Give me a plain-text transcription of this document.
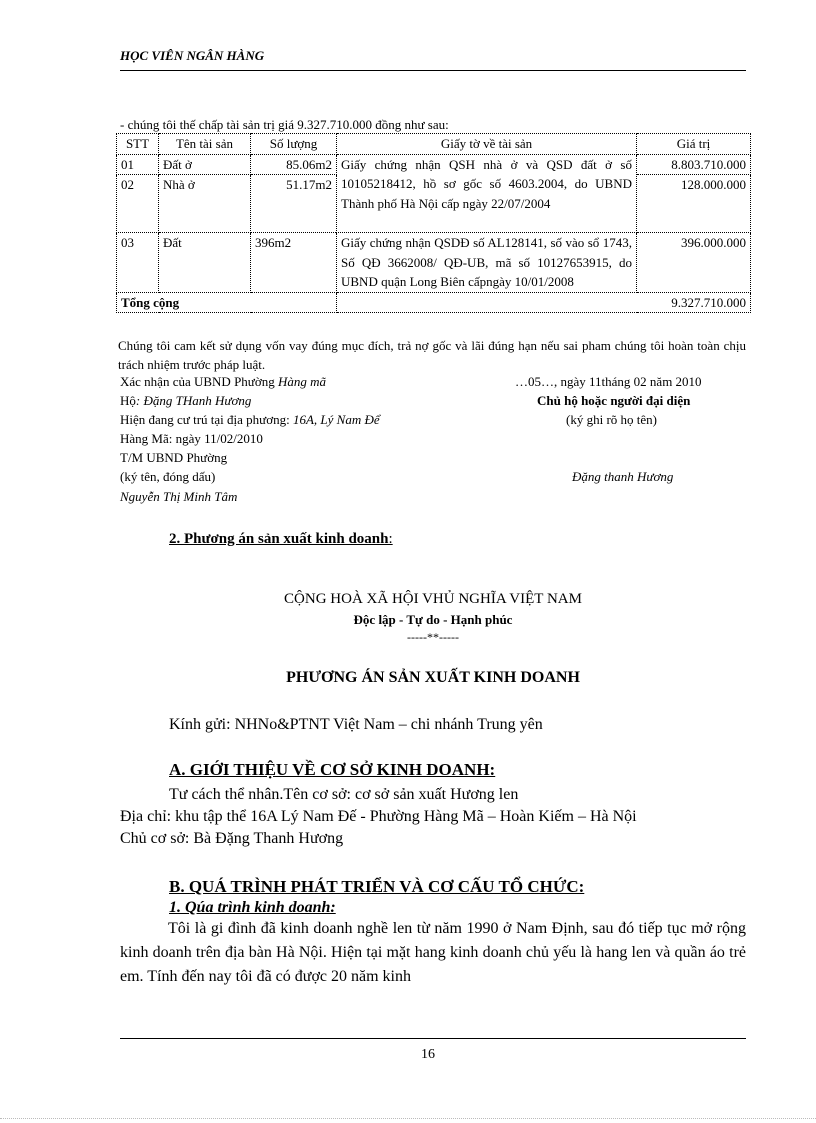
HỌC VIÊN NGÂN HÀNG
- chúng tôi thế chấp tài sản trị giá 9.327.710.000 đồng như sau:
STT	Tên tài sản	Số lượng	Giấy tờ về tài sản	Giá trị
01	Đất ở	85.06m2	Giấy chứng nhận QSH nhà ở và QSD đất ở số 10105218412, hồ sơ gốc số 4603.2004, do UBND Thành phố Hà Nội cấp ngày 22/07/2004	8.803.710.000
02	Nhà ở	51.17m2		128.000.000
03	Đất	396m2	Giấy chứng nhận QSDĐ số AL128141, số vào sổ 1743, Số QĐ 3662008/ QĐ-UB, mã số 10127653915, do UBND quận Long Biên cấpngày 10/01/2008	396.000.000
Tổng cộng			9.327.710.000	
Chúng tôi cam kết sử dụng vốn vay đúng mục đích, trả nợ gốc và lãi đúng hạn nếu sai pham chúng tôi hoàn toàn chịu trách nhiệm trước pháp luật.
Xác nhận của UBND Phường Hàng mã	…05…, ngày 11tháng 02 năm 2010
Hộ: Đặng THanh Hương	Chủ hộ hoặc người đại diện
Hiện đang cư trú tại địa phương: 16A, Lý Nam Để	(ký ghi rõ họ tên)
Hàng Mã: ngày 11/02/2010
T/M UBND Phường
(ký tên, đóng dấu)	Đặng thanh Hương
Nguyễn Thị Minh Tâm
2. Phương án sản xuất kinh doanh:
CỘNG HOÀ XÃ HỘI VHỦ NGHĨA VIỆT NAM
Độc lập - Tự do - Hạnh phúc
-----**-----
PHƯƠNG ÁN SẢN XUẤT KINH DOANH
Kính gửi: NHNo&PTNT Việt Nam – chi nhánh Trung yên
A. GIỚI THIỆU VỀ CƠ SỞ KINH DOANH:
Tư cách thể nhân.Tên cơ sở: cơ sở sản xuất Hương len
Địa chỉ: khu tập thể 16A Lý Nam Đế - Phường Hàng Mã – Hoàn Kiếm – Hà Nội
Chủ cơ sở: Bà Đặng Thanh Hương
B. QUÁ TRÌNH PHÁT TRIỂN VÀ CƠ CẤU TỔ CHỨC:
1. Qúa trình kinh doanh:
Tôi là gi đình đã kinh doanh nghề len từ năm 1990 ở Nam Định, sau đó tiếp tục mở rộng kinh doanh trên địa bàn Hà Nội. Hiện tại mặt hang kinh doanh chủ yếu là hang len và quần áo trẻ em. Tính đến nay tôi đã có được 20 năm kinh
16
